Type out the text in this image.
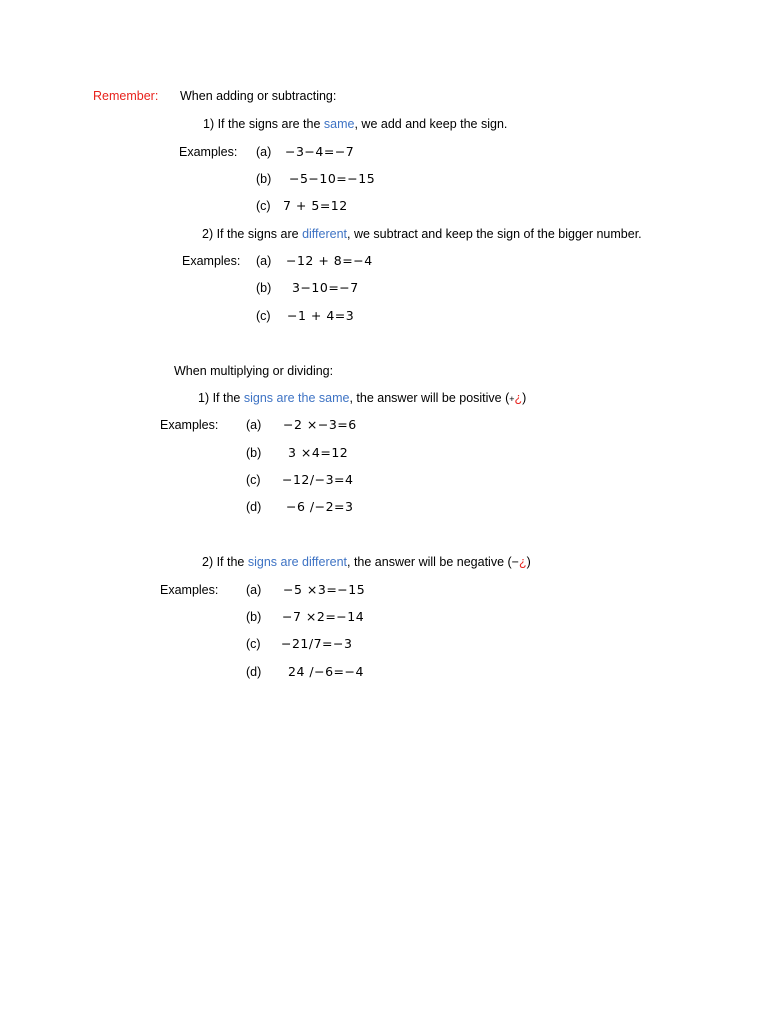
Remember: When adding or subtracting:
1) If the signs are the same, we add and keep the sign.
Examples: (a) −3−4=−7
(b) −5−10=−15
(c) 7 + 5=12
2) If the signs are different, we subtract and keep the sign of the bigger number.
Examples: (a) −12 + 8=−4
(b) 3−10=−7
(c) −1 + 4=3
When multiplying or dividing:
1) If the signs are the same, the answer will be positive (+¿)
Examples: (a) −2 ×−3=6
(b) 3 ×4=12
(c) −12/−3=4
(d) −6 /−2=3
2) If the signs are different, the answer will be negative (−¿)
Examples: (a) −5 ×3=−15
(b) −7 ×2=−14
(c) −21/7=−3
(d) 24 /−6=−4
